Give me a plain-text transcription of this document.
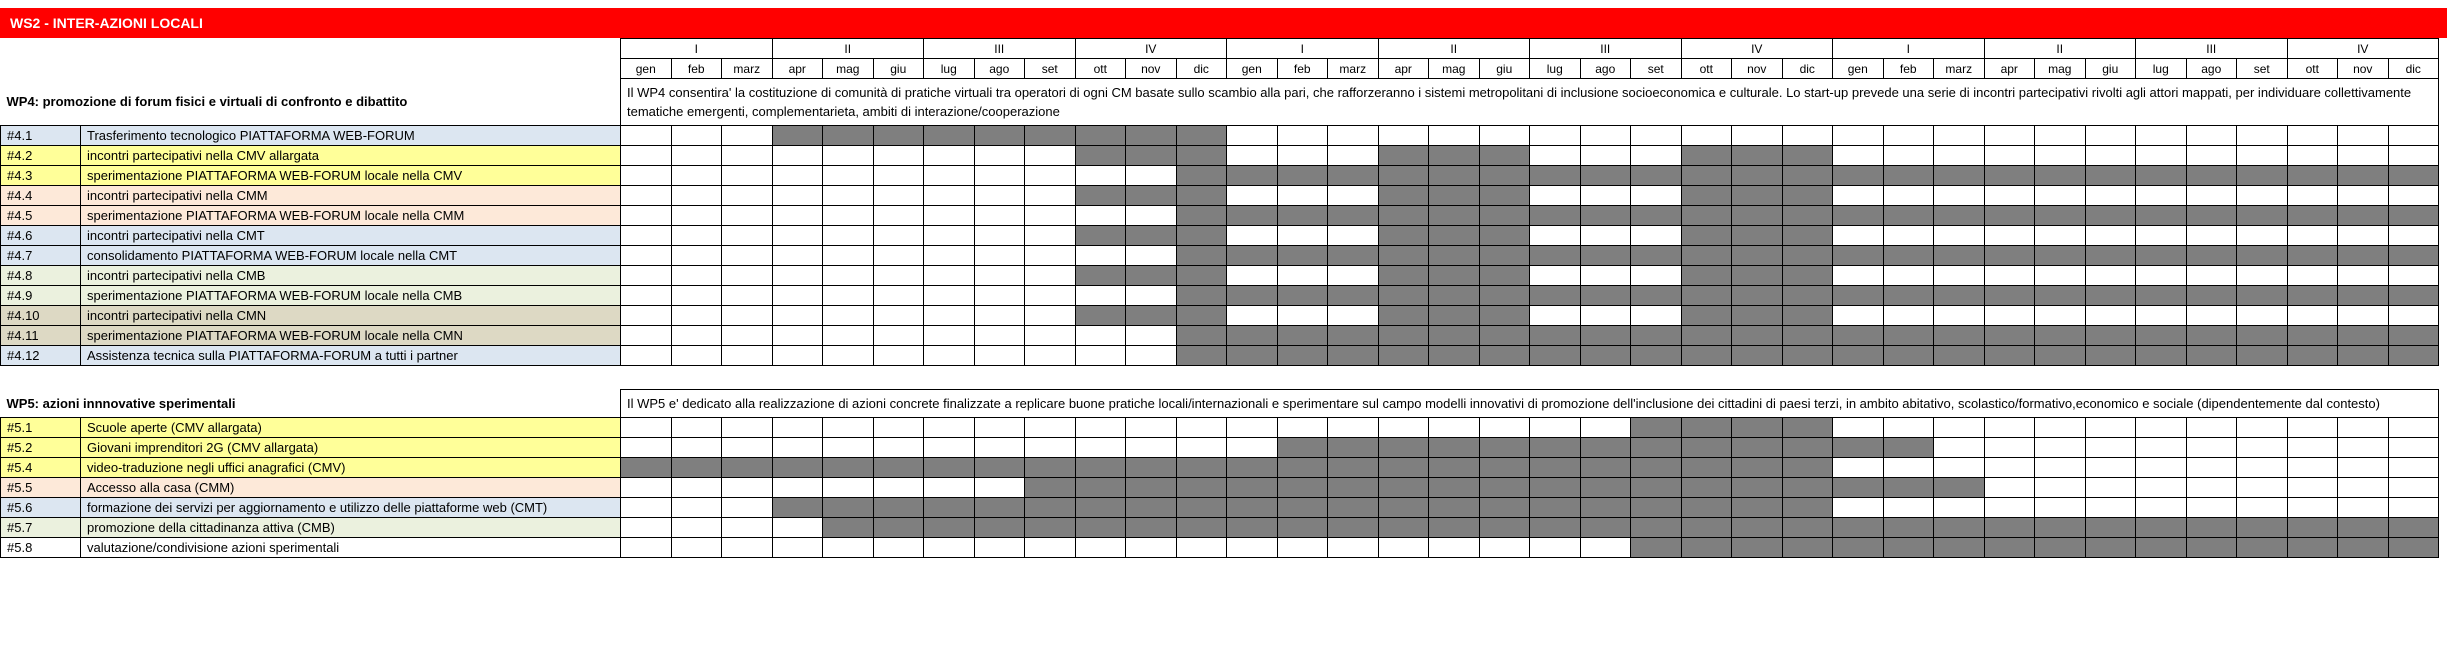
WS2 - INTER-AZIONI LOCALI
		I			II			III			IV			I			II			III			IV			I			II			III			IV		
		gen	feb	marz	apr	mag	giu	lug	ago	set	ott	nov	dic	gen	feb	marz	apr	mag	giu	lug	ago	set	ott	nov	dic	gen	feb	marz	apr	mag	giu	lug	ago	set	ott	nov	dic
WP4: promozione di forum fisici e virtuali di confronto e dibattito		Il WP4 consentira' la costituzione di comunità di pratiche virtuali tra operatori di ogni CM basate sullo scambio alla pari, che rafforzeranno i sistemi metropolitani di inclusione socioeconomica e culturale. Lo start-up prevede una serie di incontri partecipativi rivolti agli attori mappati, per individuare collettivamente tematiche emergenti, complementarieta, ambiti di interazione/cooperazione																																			
#4.1	Trasferimento tecnologico PIATTAFORMA WEB-FORUM																																				
#4.2	incontri partecipativi nella CMV allargata																																				
#4.3	sperimentazione PIATTAFORMA WEB-FORUM locale nella CMV																																				
#4.4	incontri partecipativi nella CMM																																				
#4.5	sperimentazione PIATTAFORMA WEB-FORUM locale nella CMM																																				
#4.6	incontri partecipativi nella CMT																																				
#4.7	consolidamento PIATTAFORMA WEB-FORUM locale nella CMT																																				
#4.8	incontri partecipativi nella CMB																																				
#4.9	sperimentazione PIATTAFORMA WEB-FORUM locale nella CMB																																				
#4.10	incontri partecipativi nella CMN																																				
#4.11	sperimentazione PIATTAFORMA WEB-FORUM locale nella CMN																																				
#4.12	Assistenza tecnica sulla PIATTAFORMA-FORUM a tutti i partner																																				

WP5: azioni innnovative sperimentali		Il WP5 e' dedicato alla realizzazione di azioni concrete finalizzate a replicare buone pratiche locali/internazionali e sperimentare sul campo modelli innovativi di promozione dell'inclusione dei cittadini di paesi terzi, in ambito abitativo, scolastico/formativo,economico e sociale (dipendentemente dal contesto)																																			
#5.1	Scuole aperte (CMV allargata)																																				
#5.2	Giovani imprenditori 2G (CMV allargata)																																				
#5.4	video-traduzione negli uffici anagrafici (CMV)																																				
#5.5	Accesso alla casa (CMM)																																				
#5.6	formazione dei servizi per aggiornamento e utilizzo delle piattaforme web (CMT)																																				
#5.7	promozione della cittadinanza attiva (CMB)																																				
#5.8	valutazione/condivisione azioni sperimentali																																				
